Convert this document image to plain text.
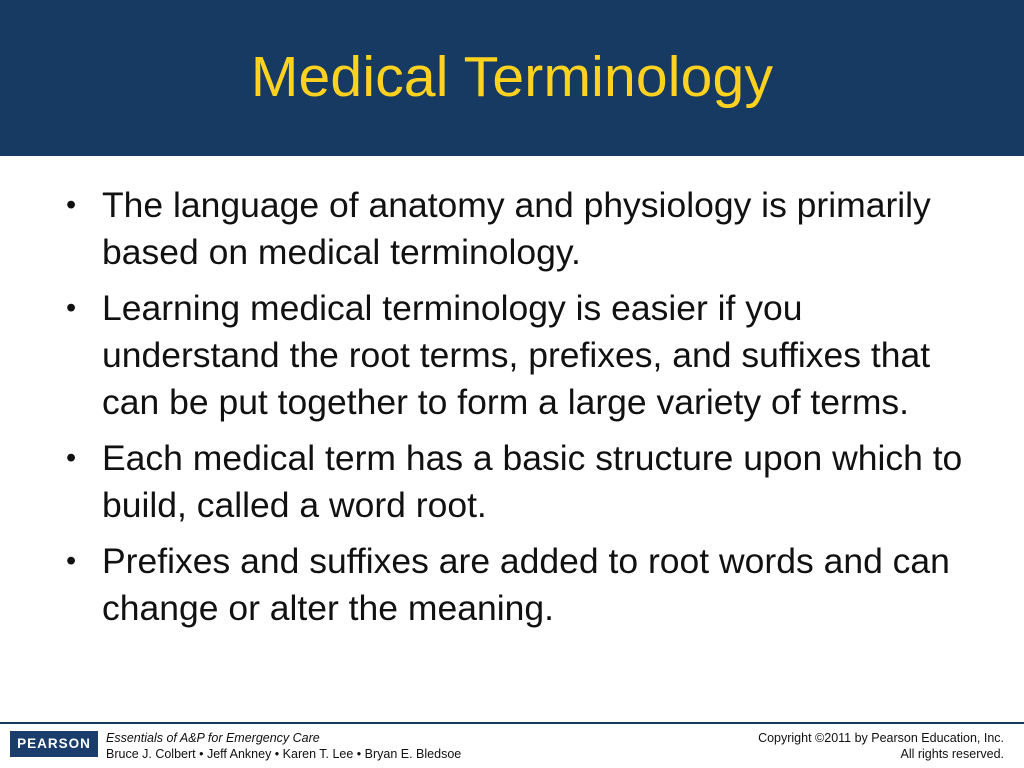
Medical Terminology
• The language of anatomy and physiology is primarily based on medical terminology.
• Learning medical terminology is easier if you understand the root terms, prefixes, and suffixes that can be put together to form a large variety of terms.
• Each medical term has a basic structure upon which to build, called a word root.
• Prefixes and suffixes are added to root words and can change or alter the meaning.
PEARSON	Essentials of A&P for Emergency Care
Bruce J. Colbert • Jeff Ankney • Karen T. Lee • Bryan E. Bledsoe
Copyright ©2011 by Pearson Education, Inc.
All rights reserved.
